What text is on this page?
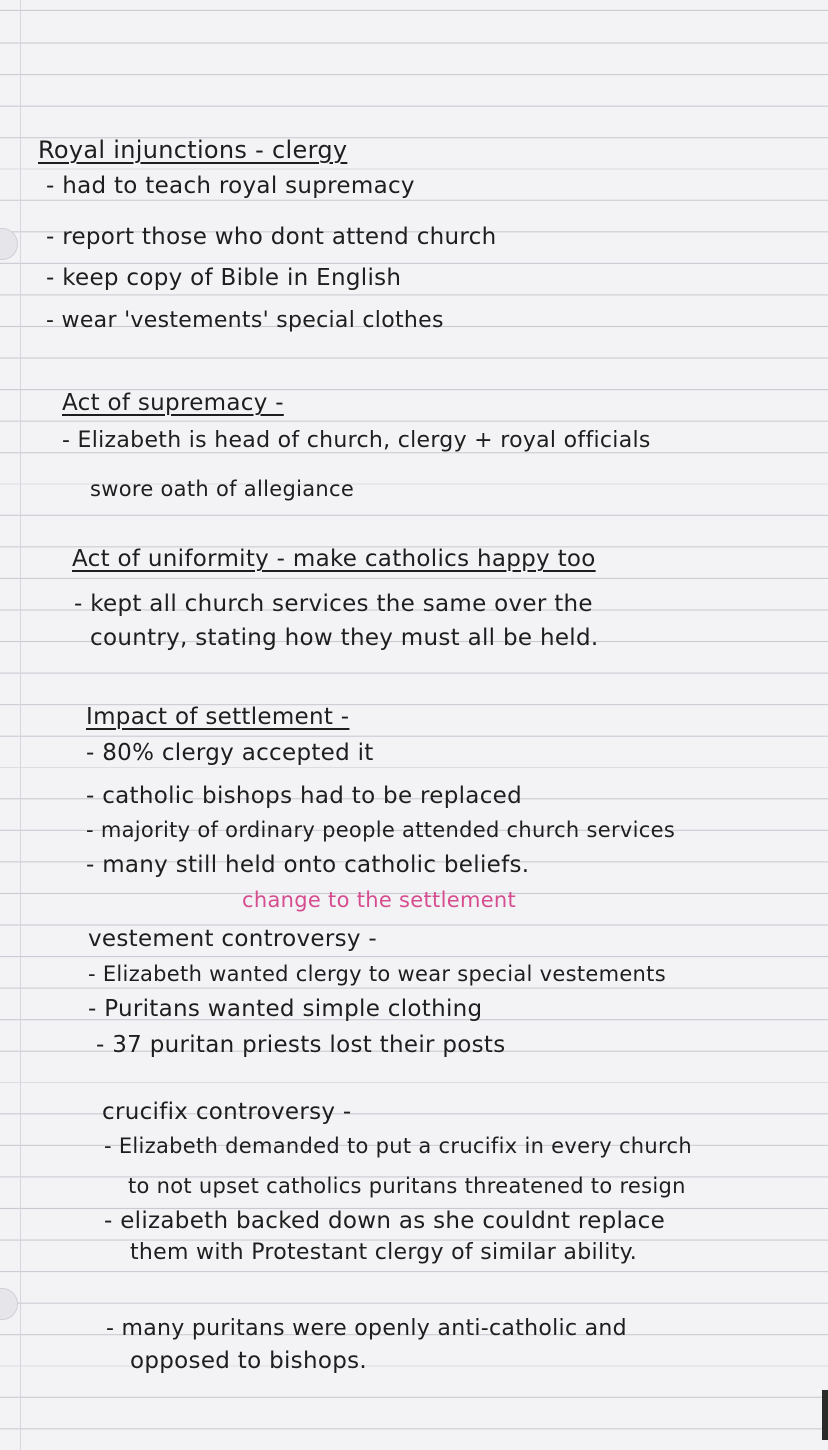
Royal injunctions - clergy

- had to teach royal supremacy

- report those who dont attend church

- keep copy of Bible in English

- wear 'vestements' special clothes

Act of supremacy -

- Elizabeth is head of church, clergy + royal officials

swore oath of allegiance

Act of uniformity - make catholics happy too

- kept all church services the same over the

country, stating how they must all be held.

Impact of settlement -

- 80% clergy accepted it

- catholic bishops had to be replaced

- majority of ordinary people attended church services

- many still held onto catholic beliefs.

change to the settlement

vestement controversy -

- Elizabeth wanted clergy to wear special vestements

- Puritans wanted simple clothing

- 37 puritan priests lost their posts

crucifix controversy -

- Elizabeth demanded to put a crucifix in every church

to not upset catholics puritans threatened to resign

- elizabeth backed down as she couldnt replace

them with Protestant clergy of similar ability.

- many puritans were openly anti-catholic and

opposed to bishops.
